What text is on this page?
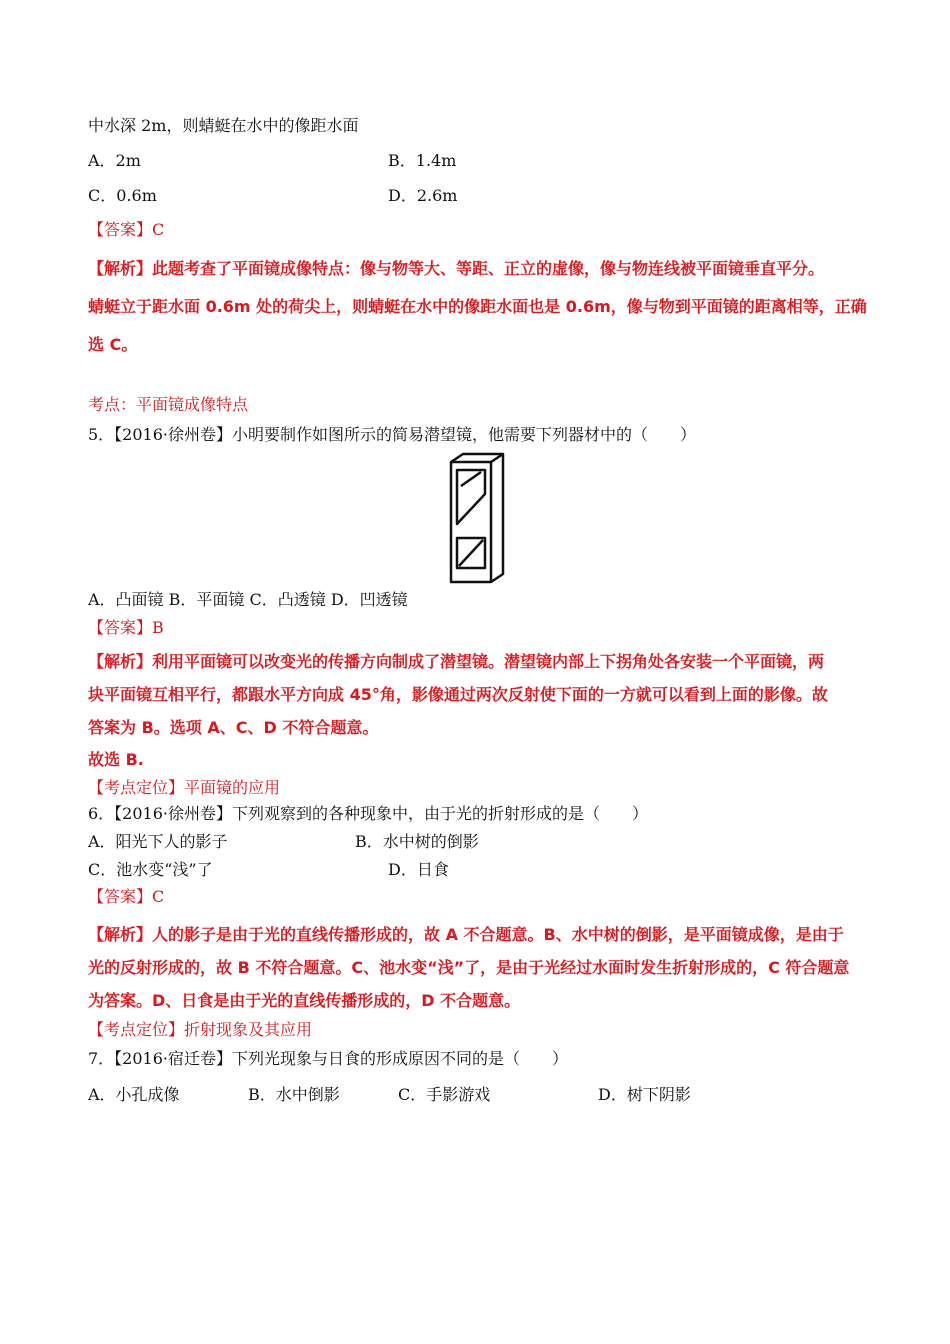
中水深 2m，则蜻蜓在水中的像距水面
A．2m	B．1.4m
C．0.6m	D．2.6m
【答案】C
【解析】此题考查了平面镜成像特点：像与物等大、等距、正立的虚像，像与物连线被平面镜垂直平分。
蜻蜓立于距水面 0.6m 处的荷尖上，则蜻蜓在水中的像距水面也是 0.6m，像与物到平面镜的距离相等，正确
选 C。
考点：平面镜成像特点
5．【2016·徐州卷】小明要制作如图所示的简易潜望镜，他需要下列器材中的（　　）
A．凸面镜 B．平面镜 C．凸透镜 D．凹透镜
【答案】B
【解析】利用平面镜可以改变光的传播方向制成了潜望镜。潜望镜内部上下拐角处各安装一个平面镜，两
块平面镜互相平行，都跟水平方向成 45°角，影像通过两次反射使下面的一方就可以看到上面的影像。故
答案为 B。选项 A、C、D 不符合题意。
故选 B.
【考点定位】平面镜的应用
6．【2016·徐州卷】下列观察到的各种现象中，由于光的折射形成的是（　　）
A．阳光下人的影子	B．水中树的倒影
C．池水变“浅”了	D．日食
【答案】C
【解析】人的影子是由于光的直线传播形成的，故 A 不合题意。B、水中树的倒影，是平面镜成像，是由于
光的反射形成的，故 B 不符合题意。C、池水变“浅”了，是由于光经过水面时发生折射形成的，C 符合题意
为答案。D、日食是由于光的直线传播形成的，D 不合题意。
【考点定位】折射现象及其应用
7．【2016·宿迁卷】下列光现象与日食的形成原因不同的是（　　）
A．小孔成像	B．水中倒影	C．手影游戏	D．树下阴影
